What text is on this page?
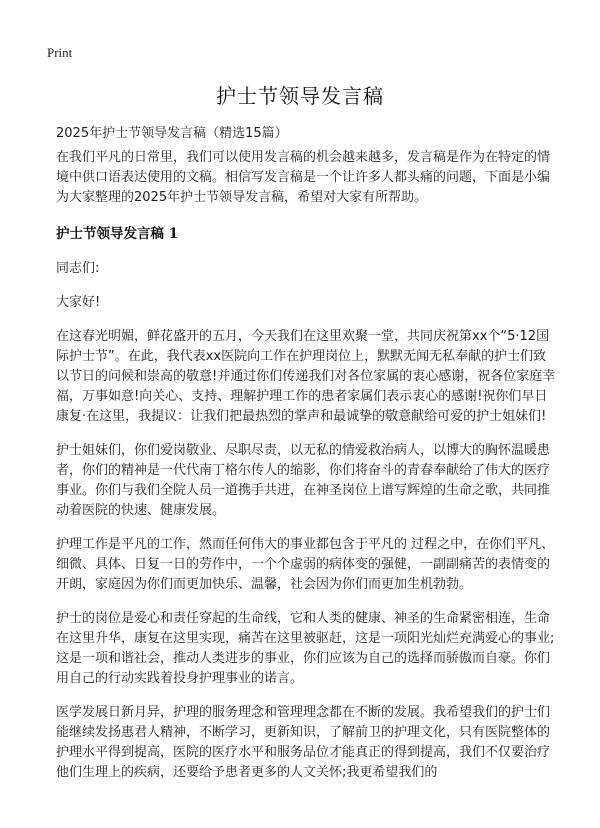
Print
护士节领导发言稿
2025年护士节领导发言稿（精选15篇）

在我们平凡的日常里，我们可以使用发言稿的机会越来越多，发言稿是作为在特定的情境中供口语表达使用的文稿。相信写发言稿是一个让许多人都头痛的问题，下面是小编为大家整理的2025年护士节领导发言稿，希望对大家有所帮助。

护士节领导发言稿 1

同志们:

大家好!

在这春光明媚，鲜花盛开的五月，今天我们在这里欢聚一堂，共同庆祝第xx个“5·12国际护士节”。在此，我代表xx医院向工作在护理岗位上，默默无闻无私奉献的护士们致以节日的问候和崇高的敬意!并通过你们传递我们对各位家属的衷心感谢，祝各位家庭幸福，万事如意!向关心、支持、理解护理工作的患者家属们表示衷心的感谢!祝你们早日康复·在这里，我提议：让我们把最热烈的掌声和最诚挚的敬意献给可爱的护士姐妹们!

护士姐妹们，你们爱岗敬业、尽职尽责，以无私的情爱救治病人，以博大的胸怀温暖患者，你们的精神是一代代南丁格尔传人的缩影，你们将奋斗的青春奉献给了伟大的医疗事业。你们与我们全院人员一道携手共进，在神圣岗位上谱写辉煌的生命之歌，共同推动着医院的快速、健康发展。

护理工作是平凡的工作，然而任何伟大的事业都包含于平凡的 过程之中，在你们平凡、细微、具体、日复一日的劳作中，一个个虚弱的病体变的强健，一副副痛苦的表情变的开朗，家庭因为你们而更加快乐、温馨，社会因为你们而更加生机勃勃。

护士的岗位是爱心和责任穿起的生命线，它和人类的健康、神圣的生命紧密相连，生命在这里升华，康复在这里实现，痛苦在这里被驱赶，这是一项阳光灿烂充满爱心的事业;这是一项和谐社会，推动人类进步的事业，你们应该为自己的选择而骄傲而自豪。你们用自己的行动实践着投身护理事业的诺言。

医学发展日新月异，护理的服务理念和管理理念都在不断的发展。我希望我们的护士们能继续发扬惠君人精神，不断学习，更新知识，了解前卫的护理文化，只有医院整体的护理水平得到提高，医院的医疗水平和服务品位才能真正的得到提高，我们不仅要治疗他们生理上的疾病，还要给予患者更多的人文关怀;我更希望我们的
